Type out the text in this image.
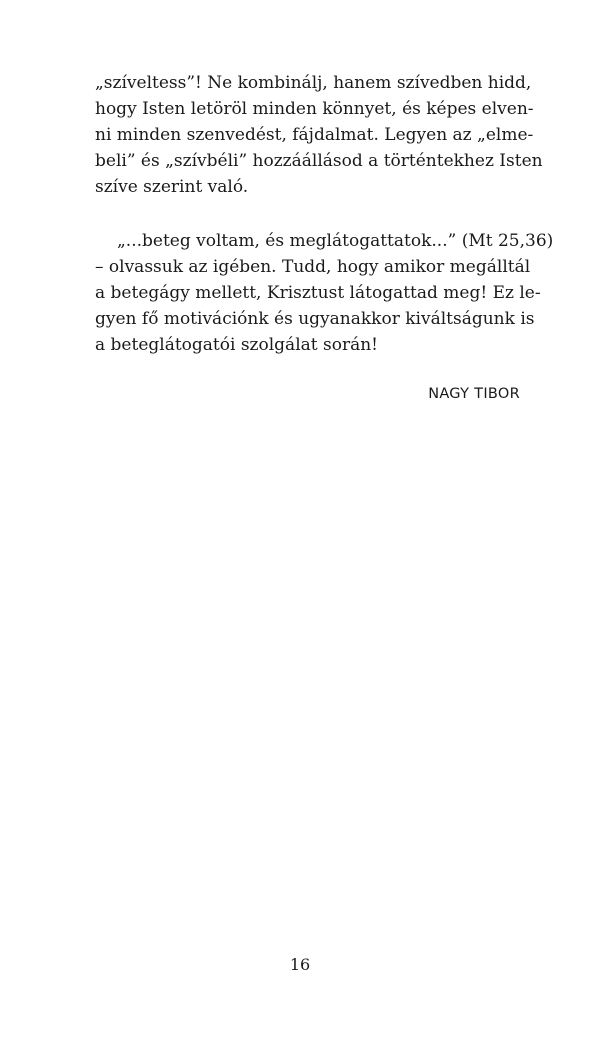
„szíveltess”! Ne kombinálj, hanem szívedben hidd,
hogy Isten letöröl minden könnyet, és képes elven-
ni minden szenvedést, fájdalmat. Legyen az „elme-
beli” és „szívbéli” hozzáállásod a történtekhez Isten
szíve szerint való.
„...beteg voltam, és meglátogattatok...” (Mt 25,36)
– olvassuk az igében. Tudd, hogy amikor megálltál
a betegágy mellett, Krisztust látogattad meg! Ez le-
gyen fő motivációnk és ugyanakkor kiváltságunk is
a beteglátogatói szolgálat során!
NAGY TIBOR
16
